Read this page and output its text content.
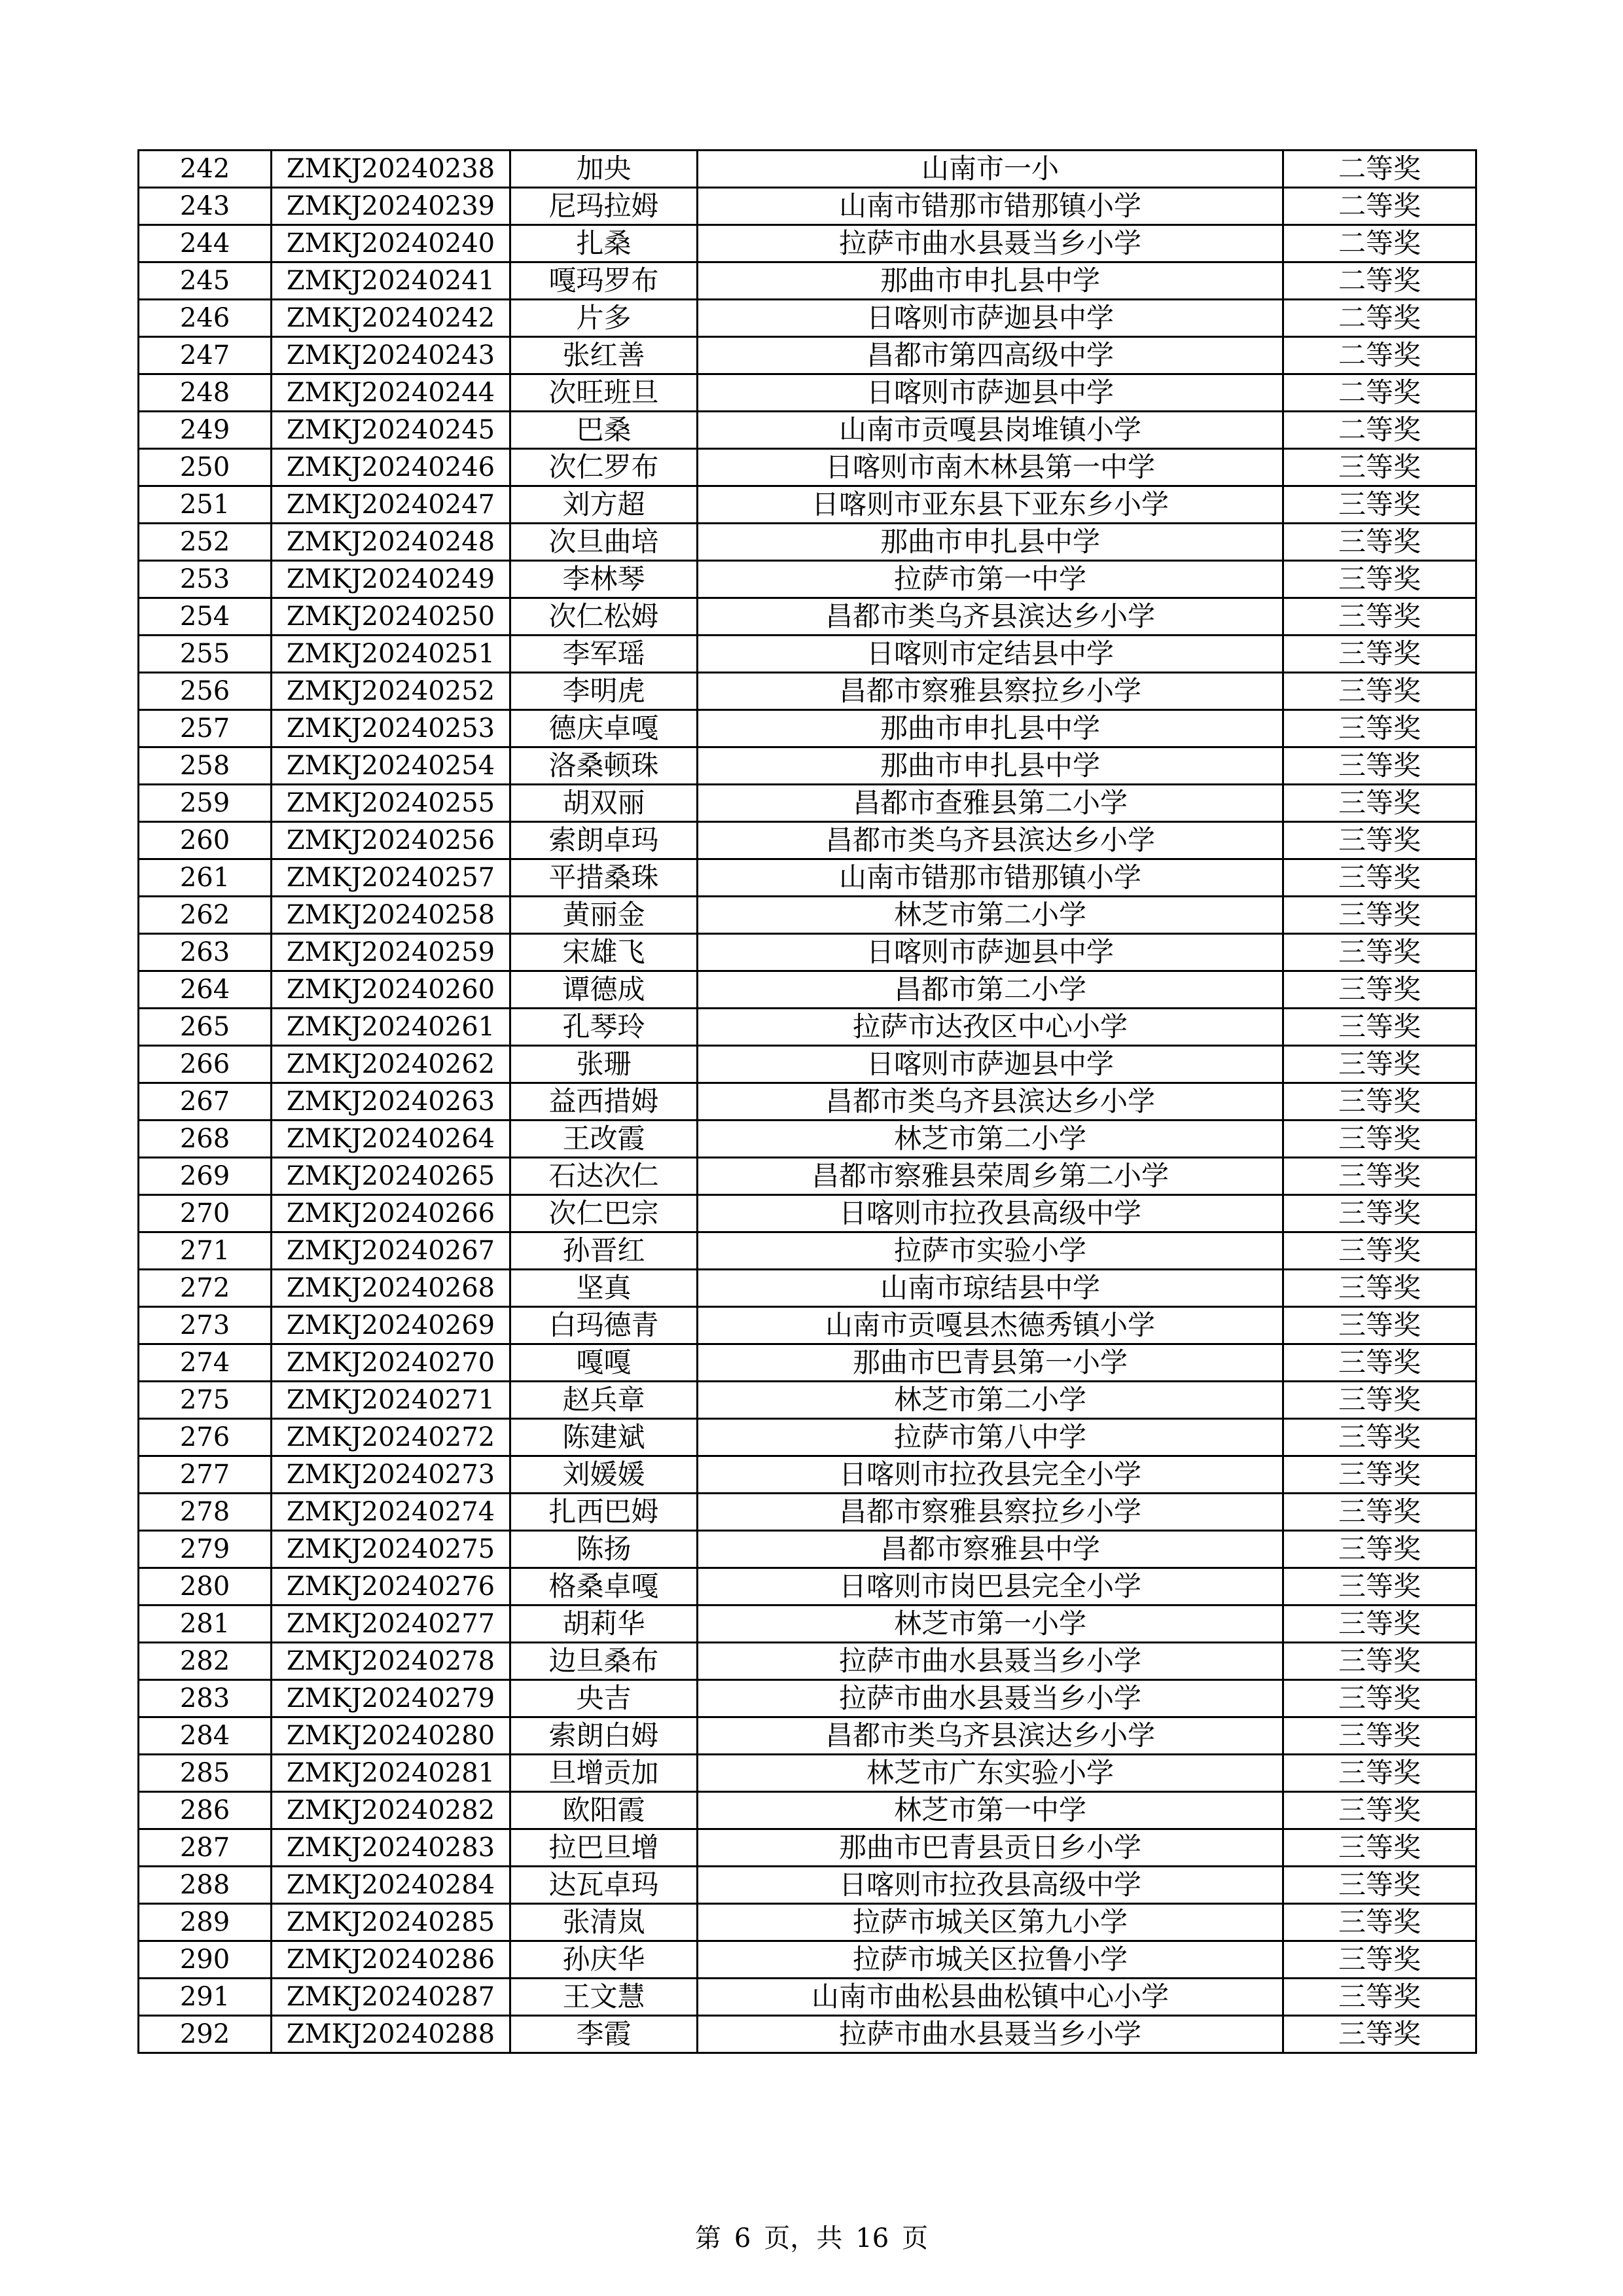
242	ZMKJ20240238	加央	山南市一小	二等奖
243	ZMKJ20240239	尼玛拉姆	山南市错那市错那镇小学	二等奖
244	ZMKJ20240240	扎桑	拉萨市曲水县聂当乡小学	二等奖
245	ZMKJ20240241	嘎玛罗布	那曲市申扎县中学	二等奖
246	ZMKJ20240242	片多	日喀则市萨迦县中学	二等奖
247	ZMKJ20240243	张红善	昌都市第四高级中学	二等奖
248	ZMKJ20240244	次旺班旦	日喀则市萨迦县中学	二等奖
249	ZMKJ20240245	巴桑	山南市贡嘎县岗堆镇小学	二等奖
250	ZMKJ20240246	次仁罗布	日喀则市南木林县第一中学	三等奖
251	ZMKJ20240247	刘方超	日喀则市亚东县下亚东乡小学	三等奖
252	ZMKJ20240248	次旦曲培	那曲市申扎县中学	三等奖
253	ZMKJ20240249	李林琴	拉萨市第一中学	三等奖
254	ZMKJ20240250	次仁松姆	昌都市类乌齐县滨达乡小学	三等奖
255	ZMKJ20240251	李军瑶	日喀则市定结县中学	三等奖
256	ZMKJ20240252	李明虎	昌都市察雅县察拉乡小学	三等奖
257	ZMKJ20240253	德庆卓嘎	那曲市申扎县中学	三等奖
258	ZMKJ20240254	洛桑顿珠	那曲市申扎县中学	三等奖
259	ZMKJ20240255	胡双丽	昌都市查雅县第二小学	三等奖
260	ZMKJ20240256	索朗卓玛	昌都市类乌齐县滨达乡小学	三等奖
261	ZMKJ20240257	平措桑珠	山南市错那市错那镇小学	三等奖
262	ZMKJ20240258	黄丽金	林芝市第二小学	三等奖
263	ZMKJ20240259	宋雄飞	日喀则市萨迦县中学	三等奖
264	ZMKJ20240260	谭德成	昌都市第二小学	三等奖
265	ZMKJ20240261	孔琴玲	拉萨市达孜区中心小学	三等奖
266	ZMKJ20240262	张珊	日喀则市萨迦县中学	三等奖
267	ZMKJ20240263	益西措姆	昌都市类乌齐县滨达乡小学	三等奖
268	ZMKJ20240264	王改霞	林芝市第二小学	三等奖
269	ZMKJ20240265	石达次仁	昌都市察雅县荣周乡第二小学	三等奖
270	ZMKJ20240266	次仁巴宗	日喀则市拉孜县高级中学	三等奖
271	ZMKJ20240267	孙晋红	拉萨市实验小学	三等奖
272	ZMKJ20240268	坚真	山南市琼结县中学	三等奖
273	ZMKJ20240269	白玛德青	山南市贡嘎县杰德秀镇小学	三等奖
274	ZMKJ20240270	嘎嘎	那曲市巴青县第一小学	三等奖
275	ZMKJ20240271	赵兵章	林芝市第二小学	三等奖
276	ZMKJ20240272	陈建斌	拉萨市第八中学	三等奖
277	ZMKJ20240273	刘媛媛	日喀则市拉孜县完全小学	三等奖
278	ZMKJ20240274	扎西巴姆	昌都市察雅县察拉乡小学	三等奖
279	ZMKJ20240275	陈扬	昌都市察雅县中学	三等奖
280	ZMKJ20240276	格桑卓嘎	日喀则市岗巴县完全小学	三等奖
281	ZMKJ20240277	胡莉华	林芝市第一小学	三等奖
282	ZMKJ20240278	边旦桑布	拉萨市曲水县聂当乡小学	三等奖
283	ZMKJ20240279	央吉	拉萨市曲水县聂当乡小学	三等奖
284	ZMKJ20240280	索朗白姆	昌都市类乌齐县滨达乡小学	三等奖
285	ZMKJ20240281	旦增贡加	林芝市广东实验小学	三等奖
286	ZMKJ20240282	欧阳霞	林芝市第一中学	三等奖
287	ZMKJ20240283	拉巴旦增	那曲市巴青县贡日乡小学	三等奖
288	ZMKJ20240284	达瓦卓玛	日喀则市拉孜县高级中学	三等奖
289	ZMKJ20240285	张清岚	拉萨市城关区第九小学	三等奖
290	ZMKJ20240286	孙庆华	拉萨市城关区拉鲁小学	三等奖
291	ZMKJ20240287	王文慧	山南市曲松县曲松镇中心小学	三等奖
292	ZMKJ20240288	李霞	拉萨市曲水县聂当乡小学	三等奖
第 6 页，共 16 页
